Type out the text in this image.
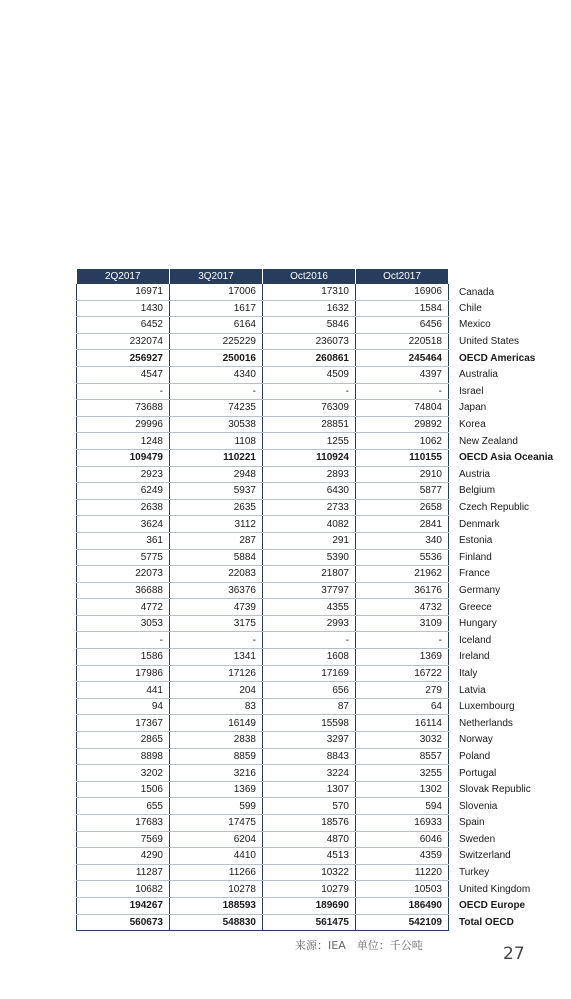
2Q2017	3Q2017	Oct2016	Oct2017	
16971	17006	17310	16906	Canada
1430	1617	1632	1584	Chile
6452	6164	5846	6456	Mexico
232074	225229	236073	220518	United States
256927	250016	260861	245464	OECD Americas
4547	4340	4509	4397	Australia
-	-	-	-	Israel
73688	74235	76309	74804	Japan
29996	30538	28851	29892	Korea
1248	1108	1255	1062	New Zealand
109479	110221	110924	110155	OECD Asia Oceania
2923	2948	2893	2910	Austria
6249	5937	6430	5877	Belgium
2638	2635	2733	2658	Czech Republic
3624	3112	4082	2841	Denmark
361	287	291	340	Estonia
5775	5884	5390	5536	Finland
22073	22083	21807	21962	France
36688	36376	37797	36176	Germany
4772	4739	4355	4732	Greece
3053	3175	2993	3109	Hungary
-	-	-	-	Iceland
1586	1341	1608	1369	Ireland
17986	17126	17169	16722	Italy
441	204	656	279	Latvia
94	83	87	64	Luxembourg
17367	16149	15598	16114	Netherlands
2865	2838	3297	3032	Norway
8898	8859	8843	8557	Poland
3202	3216	3224	3255	Portugal
1506	1369	1307	1302	Slovak Republic
655	599	570	594	Slovenia
17683	17475	18576	16933	Spain
7569	6204	4870	6046	Sweden
4290	4410	4513	4359	Switzerland
11287	11266	10322	11220	Turkey
10682	10278	10279	10503	United Kingdom
194267	188593	189690	186490	OECD Europe
560673	548830	561475	542109	Total OECD
来源：IEA　单位：千公吨	27
